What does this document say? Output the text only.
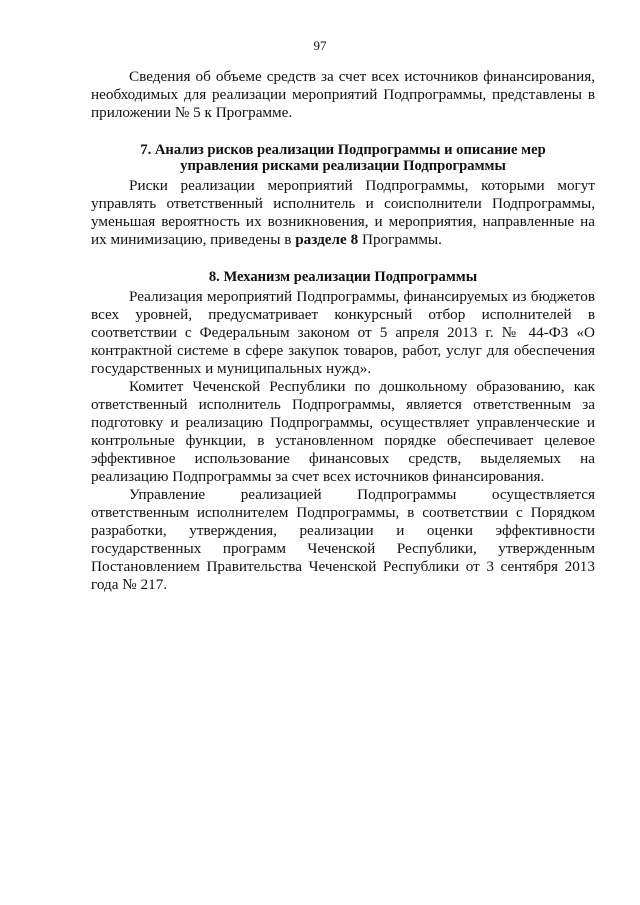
97

Сведения об объеме средств за счет всех источников финансирования, необходимых для реализации мероприятий Подпрограммы, представлены в приложении № 5 к Программе.

7. Анализ рисков реализации Подпрограммы и описание мер
управления рисками реализации Подпрограммы

Риски реализации мероприятий Подпрограммы, которыми могут управлять ответственный исполнитель и соисполнители Подпрограммы, уменьшая вероятность их возникновения, и мероприятия, направленные на их минимизацию, приведены в разделе 8 Программы.

8. Механизм реализации Подпрограммы

Реализация мероприятий Подпрограммы, финансируемых из бюджетов всех уровней, предусматривает конкурсный отбор исполнителей в соответствии с Федеральным законом от 5 апреля 2013 г. № 44-ФЗ «О контрактной системе в сфере закупок товаров, работ, услуг для обеспечения государственных и муниципальных нужд».

Комитет Чеченской Республики по дошкольному образованию, как ответственный исполнитель Подпрограммы, является ответственным за подготовку и реализацию Подпрограммы, осуществляет управленческие и контрольные функции, в установленном порядке обеспечивает целевое эффективное использование финансовых средств, выделяемых на реализацию Подпрограммы за счет всех источников финансирования.

Управление реализацией Подпрограммы осуществляется ответственным исполнителем Подпрограммы, в соответствии с Порядком разработки, утверждения, реализации и оценки эффективности государственных программ Чеченской Республики, утвержденным Постановлением Правительства Чеченской Республики от 3 сентября 2013 года № 217.
